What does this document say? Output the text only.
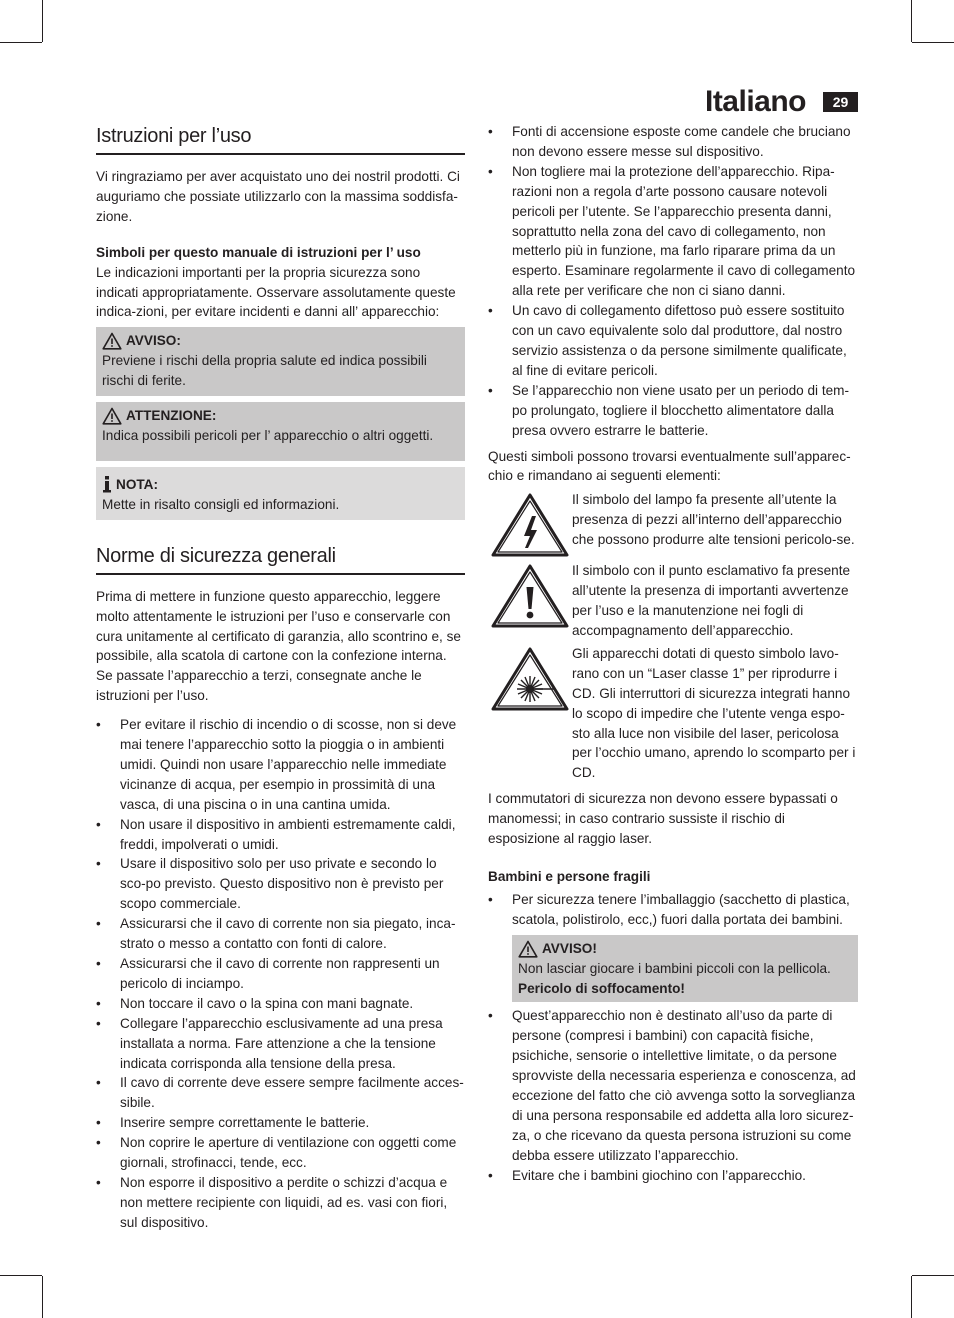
Italiano	29
Istruzioni per l’uso

Vi ringraziamo per aver acquistato uno dei nostril prodotti. Ci auguriamo che possiate utilizzarlo con la massima soddisfa-zione.

Simboli per questo manuale di istruzioni per l’ uso

Le indicazioni importanti per la propria sicurezza sono indicati appropriatamente. Osservare assolutamente queste indica-zioni, per evitare incidenti e danni all’ apparecchio:

AVVISO:
Previene i rischi della propria salute ed indica possibili rischi di ferite.
ATTENZIONE:
Indica possibili pericoli per l’ apparecchio o altri oggetti.
NOTA:
Mette in risalto consigli ed informazioni.
Norme di sicurezza generali

Prima di mettere in funzione questo apparecchio, leggere molto attentamente le istruzioni per l’uso e conservarle con cura unitamente al certificato di garanzia, allo scontrino e, se possibile, alla scatola di cartone con la confezione interna. Se passate l’apparecchio a terzi, consegnate anche le istruzioni per l’uso.

• Per evitare il rischio di incendio o di scosse, non si deve mai tenere l’apparecchio sotto la pioggia o in ambienti umidi. Quindi non usare l’apparecchio nelle immediate vicinanze di acqua, per esempio in prossimità di una vasca, di una piscina o in una cantina umida.
• Non usare il dispositivo in ambienti estremamente caldi, freddi, impolverati o umidi.
• Usare il dispositivo solo per uso private e secondo lo sco-po previsto. Questo dispositivo non è previsto per scopo commerciale.
• Assicurarsi che il cavo di corrente non sia piegato, inca-strato o messo a contatto con fonti di calore.
• Assicurarsi che il cavo di corrente non rappresenti un pericolo di inciampo.
• Non toccare il cavo o la spina con mani bagnate.
• Collegare l’apparecchio esclusivamente ad una presa installata a norma. Fare attenzione a che la tensione indicata corrisponda alla tensione della presa.
• Il cavo di corrente deve essere sempre facilmente acces-sibile.
• Inserire sempre correttamente le batterie.
• Non coprire le aperture di ventilazione con oggetti come giornali, strofinacci, tende, ecc.
• Non esporre il dispositivo a perdite o schizzi d’acqua e non mettere recipiente con liquidi, ad es. vasi con fiori, sul dispositivo.
• Fonti di accensione esposte come candele che bruciano non devono essere messe sul dispositivo.
• Non togliere mai la protezione dell’apparecchio. Ripa-razioni non a regola d’arte possono causare notevoli pericoli per l’utente. Se l’apparecchio presenta danni, soprattutto nella zona del cavo di collegamento, non metterlo più in funzione, ma farlo riparare prima da un esperto. Esaminare regolarmente il cavo di collegamento alla rete per verificare che non ci siano danni.
• Un cavo di collegamento difettoso può essere sostituito con un cavo equivalente solo dal produttore, dal nostro servizio assistenza o da persone similmente qualificate, al fine di evitare pericoli.
• Se l’apparecchio non viene usato per un periodo di tem-po prolungato, togliere il blocchetto alimentatore dalla presa ovvero estrarre le batterie.

Questi simboli possono trovarsi eventualmente sull’apparec-chio e rimandano ai seguenti elementi:

Il simbolo del lampo fa presente all’utente la presenza di pezzi all’interno dell’apparecchio che possono produrre alte tensioni pericolo-se.
Il simbolo con il punto esclamativo fa presente all’utente la presenza di importanti avvertenze per l’uso e la manutenzione nei fogli di accompagnamento dell’apparecchio.
Gli apparecchi dotati di questo simbolo lavo-rano con un “Laser classe 1” per riprodurre i CD. Gli interruttori di sicurezza integrati hanno lo scopo di impedire che l’utente venga espo-sto alla luce non visibile del laser, pericolosa per l’occhio umano, aprendo lo scomparto per i CD.

I commutatori di sicurezza non devono essere bypassati o manomessi; in caso contrario sussiste il rischio di esposizione al raggio laser.

Bambini e persone fragili

• Per sicurezza tenere l’imballaggio (sacchetto di plastica, scatola, polistirolo, ecc,) fuori dalla portata dei bambini.
AVVISO!
Non lasciar giocare i bambini piccoli con la pellicola.
Pericolo di soffocamento!
• Quest’apparecchio non è destinato all’uso da parte di persone (compresi i bambini) con capacità fisiche, psichiche, sensorie o intellettive limitate, o da persone sprovviste della necessaria esperienza e conoscenza, ad eccezione del fatto che ciò avvenga sotto la sorveglianza di una persona responsabile ed addetta alla loro sicurez-za, o che ricevano da questa persona istruzioni su come debba essere utilizzato l’apparecchio.
• Evitare che i bambini giochino con l’apparecchio.
